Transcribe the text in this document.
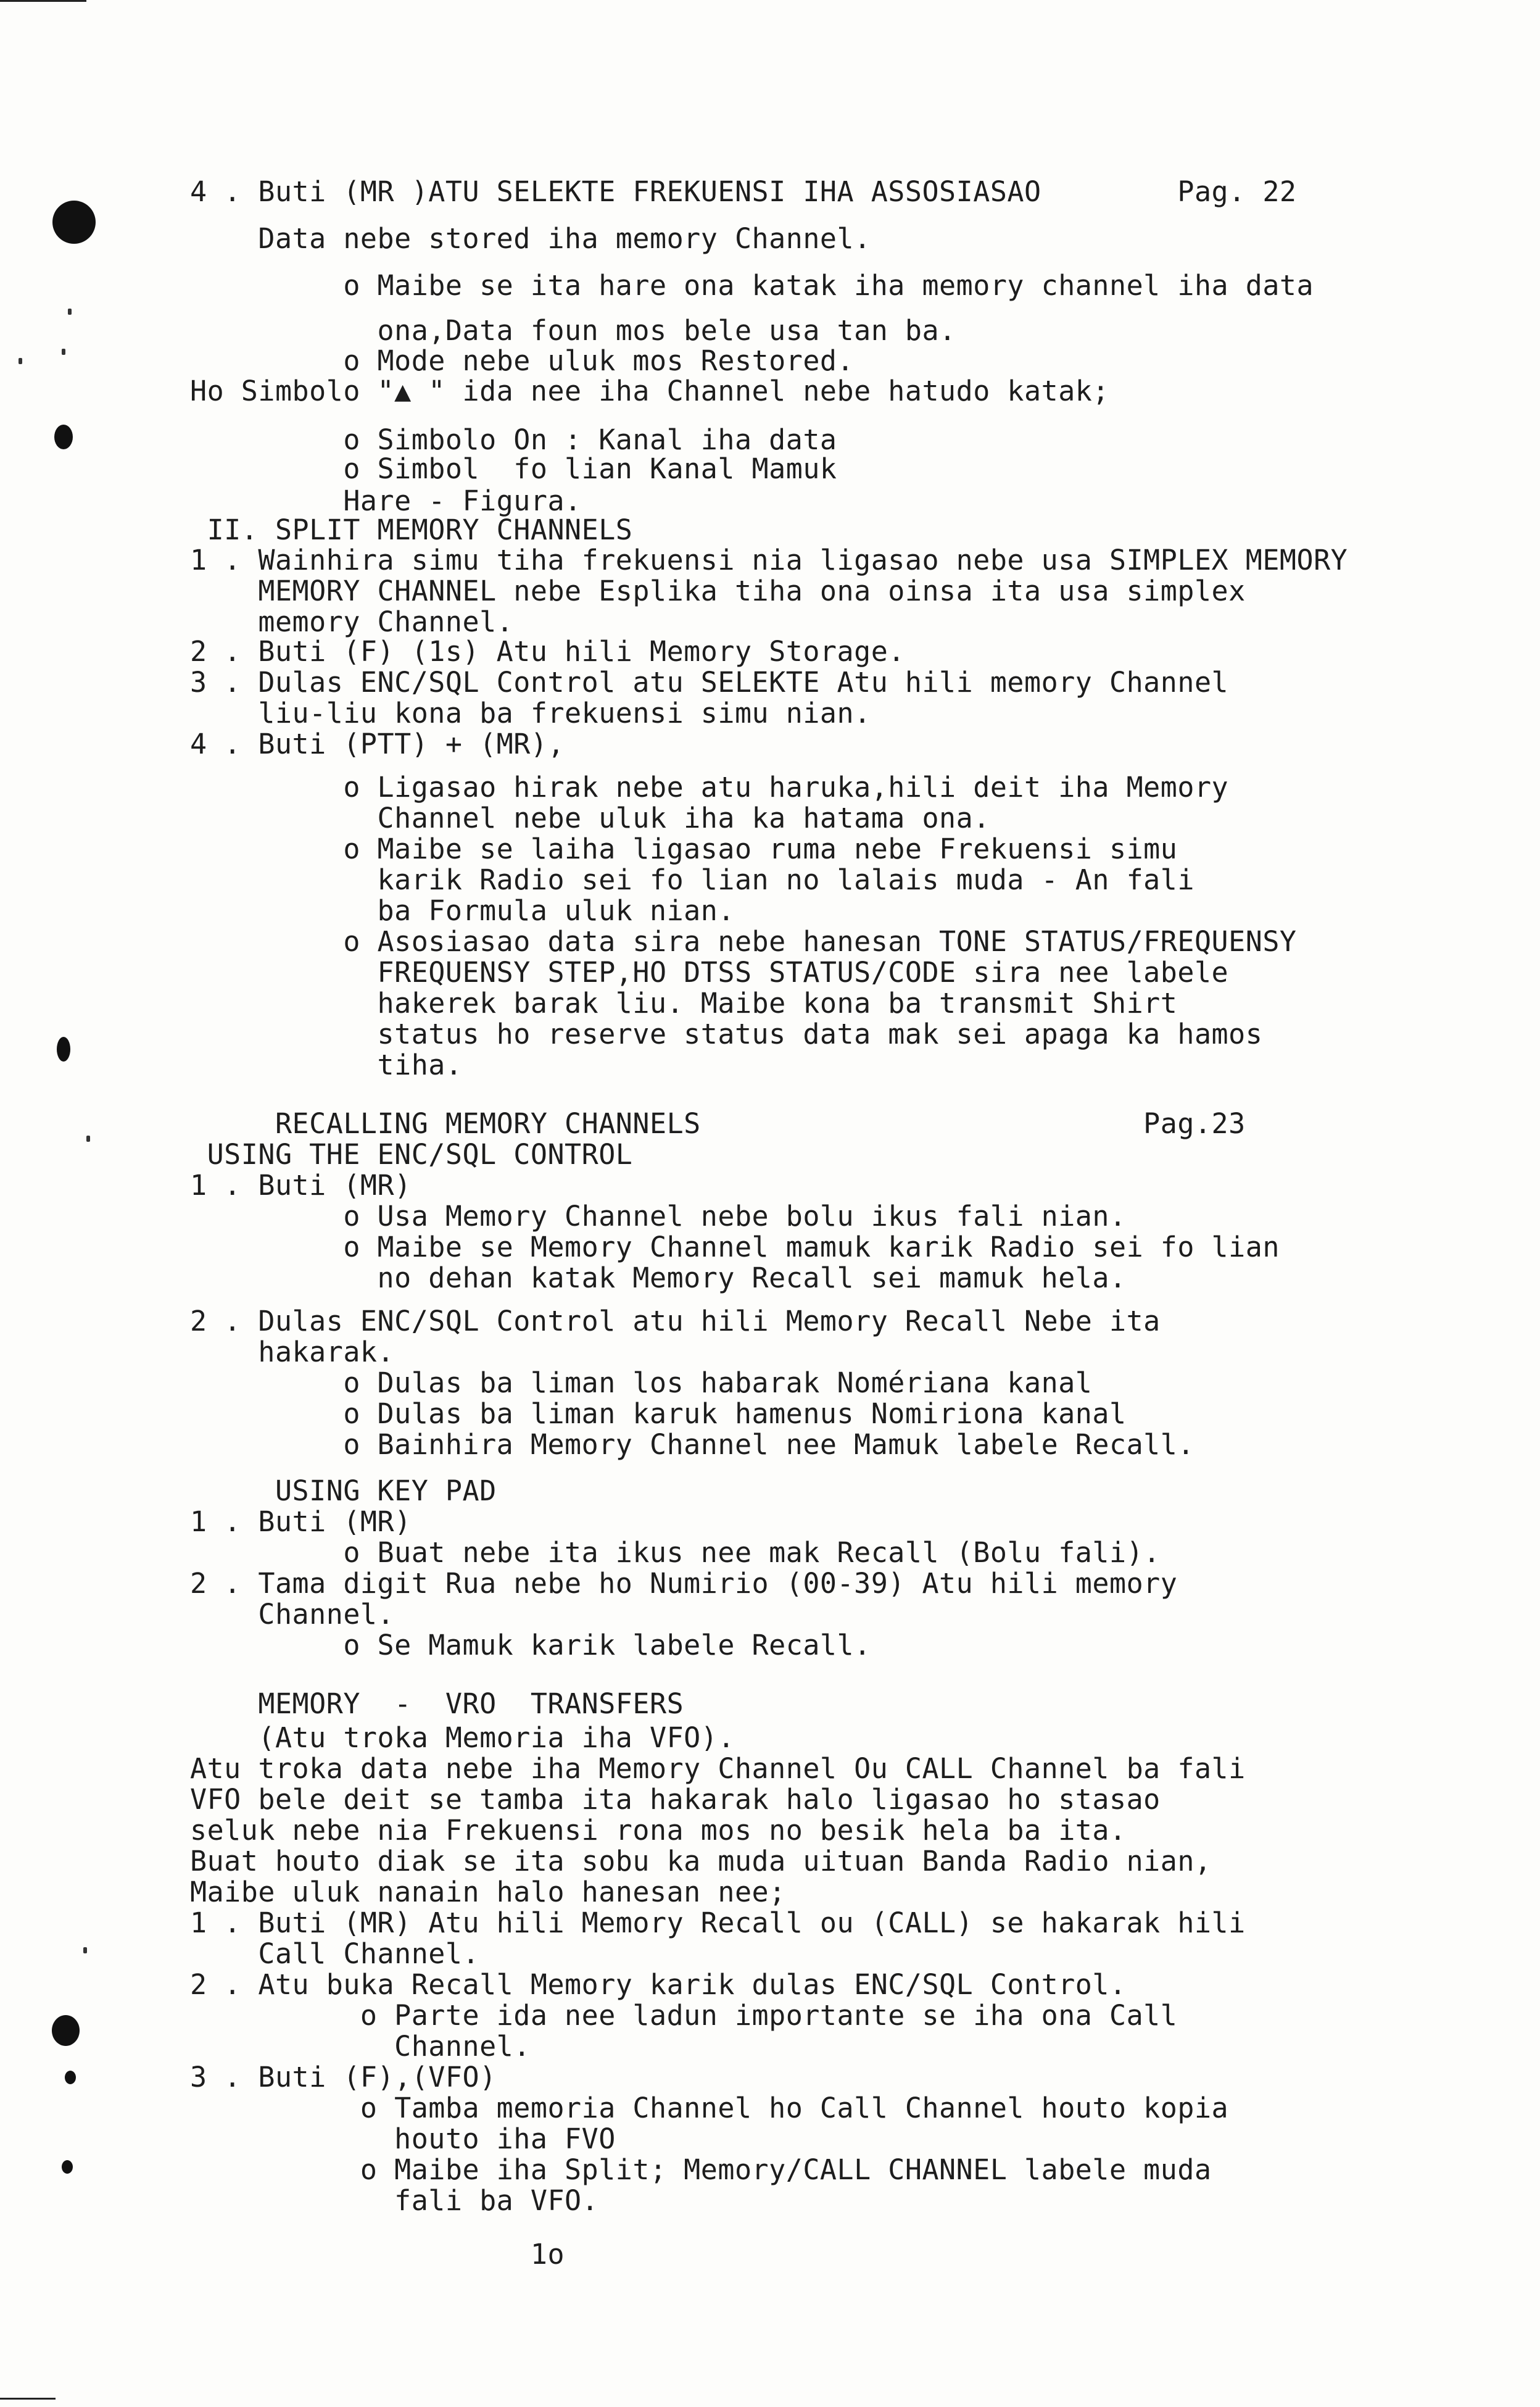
4 . Buti (MR )ATU SELEKTE FREKUENSI IHA ASSOSIASAO        Pag. 22
Data nebe stored iha memory Channel.
o Maibe se ita hare ona katak iha memory channel iha data
ona,Data foun mos bele usa tan ba.
o Mode nebe uluk mos Restored.
Ho Simbolo "▲ " ida nee iha Channel nebe hatudo katak;
o Simbolo On : Kanal iha data
o Simbol  fo lian Kanal Mamuk
Hare - Figura.
II. SPLIT MEMORY CHANNELS
1 . Wainhira simu tiha frekuensi nia ligasao nebe usa SIMPLEX MEMORY
MEMORY CHANNEL nebe Esplika tiha ona oinsa ita usa simplex
memory Channel.
2 . Buti (F) (1s) Atu hili Memory Storage.
3 . Dulas ENC/SQL Control atu SELEKTE Atu hili memory Channel
liu-liu kona ba frekuensi simu nian.
4 . Buti (PTT) + (MR),
o Ligasao hirak nebe atu haruka,hili deit iha Memory
Channel nebe uluk iha ka hatama ona.
o Maibe se laiha ligasao ruma nebe Frekuensi simu
karik Radio sei fo lian no lalais muda - An fali
ba Formula uluk nian.
o Asosiasao data sira nebe hanesan TONE STATUS/FREQUENSY
FREQUENSY STEP,HO DTSS STATUS/CODE sira nee labele
hakerek barak liu. Maibe kona ba transmit Shirt
status ho reserve status data mak sei apaga ka hamos
tiha.
RECALLING MEMORY CHANNELS                          Pag.23
USING THE ENC/SQL CONTROL
1 . Buti (MR)
o Usa Memory Channel nebe bolu ikus fali nian.
o Maibe se Memory Channel mamuk karik Radio sei fo lian
no dehan katak Memory Recall sei mamuk hela.
2 . Dulas ENC/SQL Control atu hili Memory Recall Nebe ita
hakarak.
o Dulas ba liman los habarak Nomériana kanal
o Dulas ba liman karuk hamenus Nomiriona kanal
o Bainhira Memory Channel nee Mamuk labele Recall.
USING KEY PAD
1 . Buti (MR)
o Buat nebe ita ikus nee mak Recall (Bolu fali).
2 . Tama digit Rua nebe ho Numirio (00-39) Atu hili memory
Channel.
o Se Mamuk karik labele Recall.
MEMORY  -  VRO  TRANSFERS
(Atu troka Memoria iha VFO).
Atu troka data nebe iha Memory Channel Ou CALL Channel ba fali
VFO bele deit se tamba ita hakarak halo ligasao ho stasao
seluk nebe nia Frekuensi rona mos no besik hela ba ita.
Buat houto diak se ita sobu ka muda uituan Banda Radio nian,
Maibe uluk nanain halo hanesan nee;
1 . Buti (MR) Atu hili Memory Recall ou (CALL) se hakarak hili
Call Channel.
2 . Atu buka Recall Memory karik dulas ENC/SQL Control.
o Parte ida nee ladun importante se iha ona Call
Channel.
3 . Buti (F),(VFO)
o Tamba memoria Channel ho Call Channel houto kopia
houto iha FVO
o Maibe iha Split; Memory/CALL CHANNEL labele muda
fali ba VFO.
1o
